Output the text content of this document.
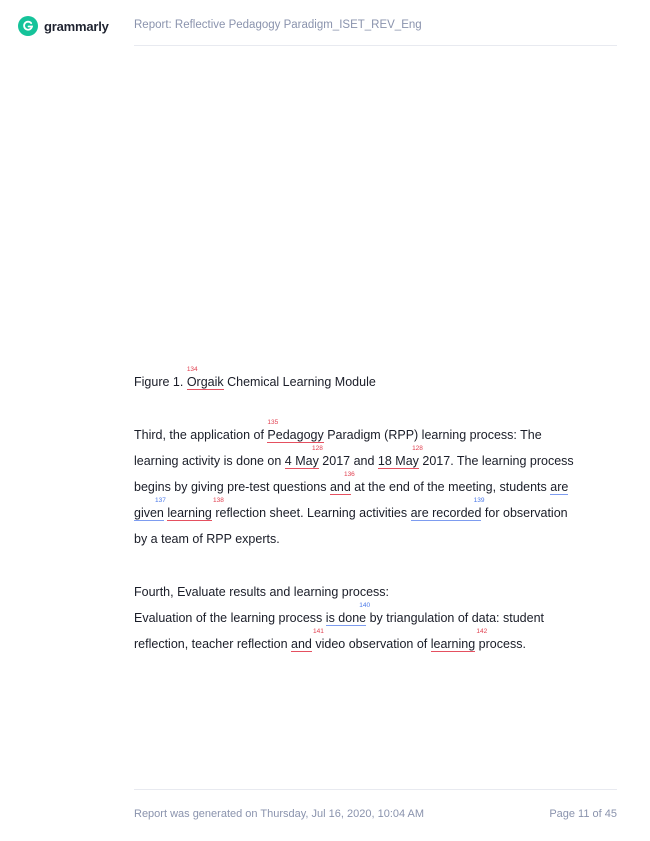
grammarly Report: Reflective Pedagogy Paradigm_ISET_REV_Eng
Figure 1. Orgaik
134
Chemical Learning Module
Third, the application of Pedagogy
135
Paradigm (RPP) learning process: The
learning activity is done on 4 May
128
2017 and 18 May
128
2017. The learning process
begins by giving pre-test questions and
136
at the end of the meeting, students are
given
137
learning
138
reflection sheet. Learning activities are recorded
139
for observation
by a team of RPP experts.
Fourth, Evaluate results and learning process:
Evaluation of the learning process is done
140
by triangulation of data: student
reflection, teacher reflection and
141
video observation of learning
142
process.
Report was generated on Thursday, Jul 16, 2020, 10:04 AM	Page 11 of 45
